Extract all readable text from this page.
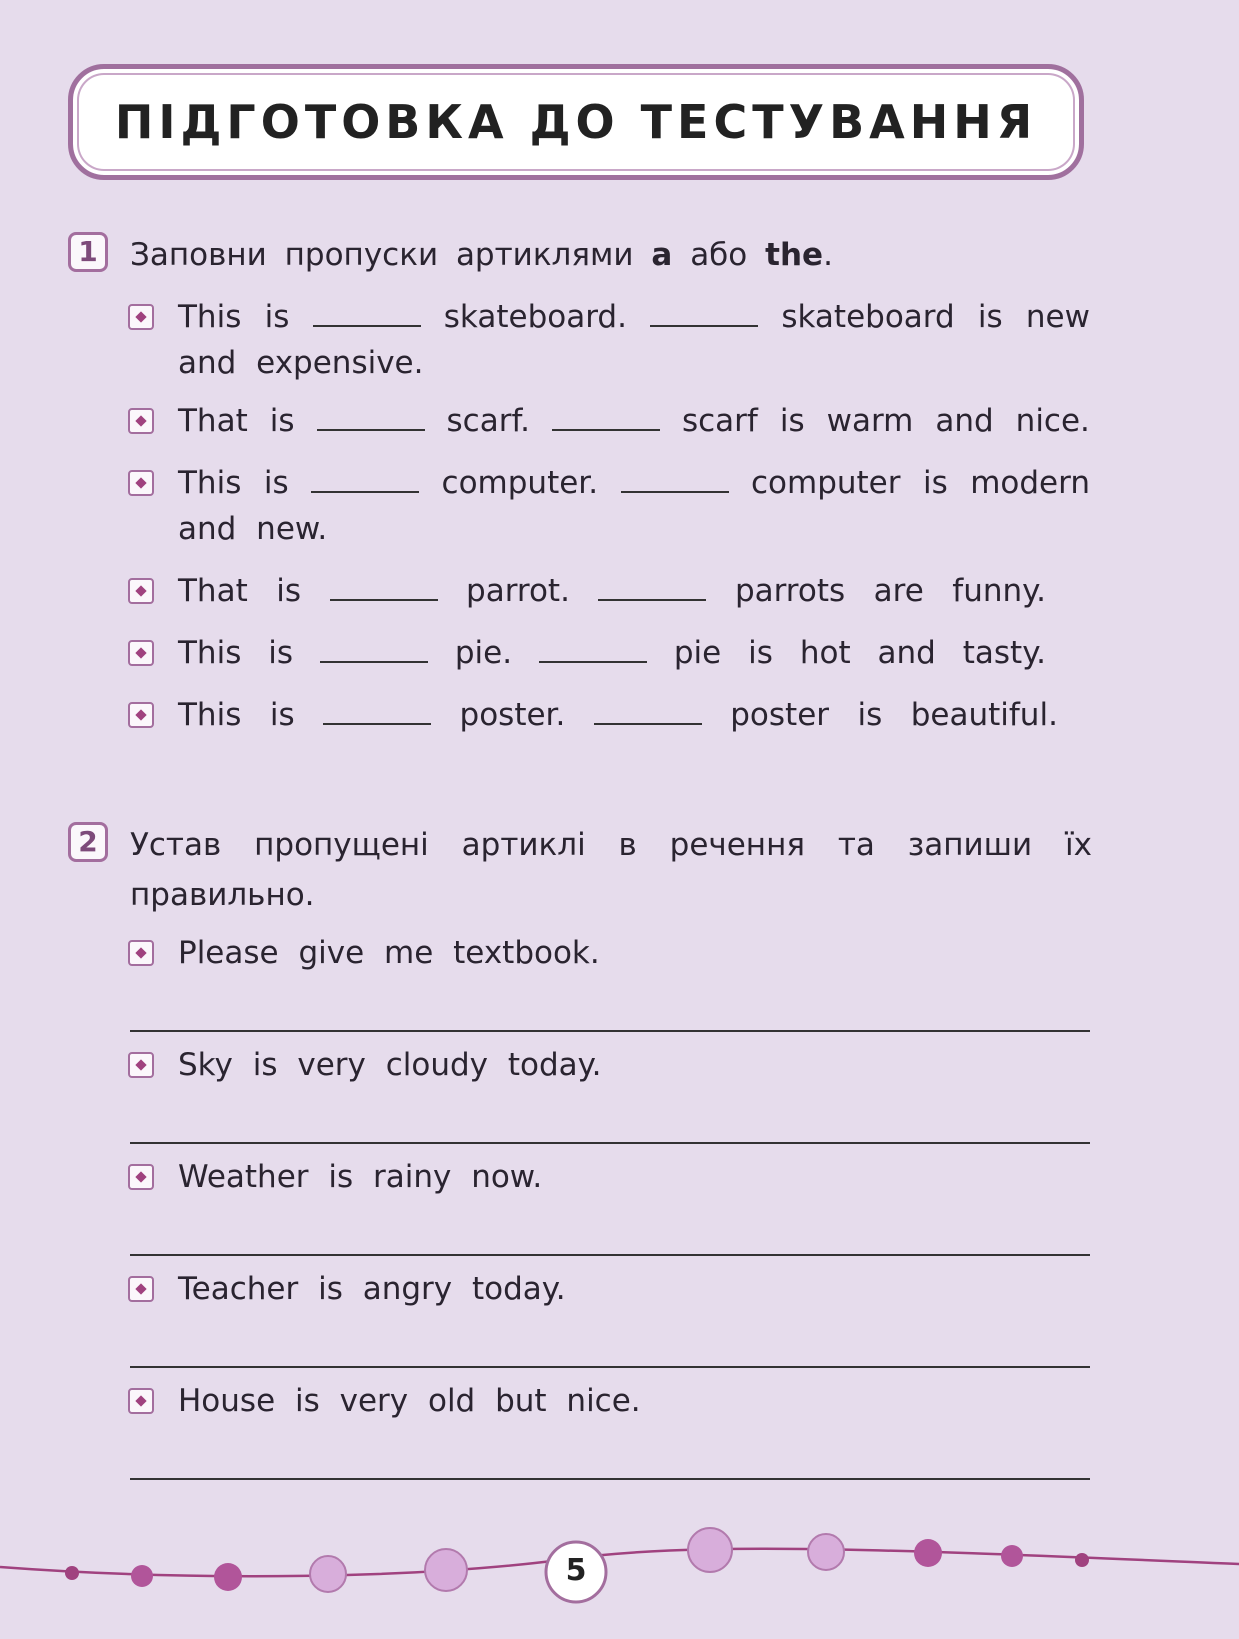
ПІДГОТОВКА ДО ТЕСТУВАННЯ
1	Заповни пропуски артиклями a або the.
This is	skateboard.	skateboard is new
and expensive.
That is	scarf.	scarf is warm and nice.
This is	computer.	computer is modern
and new.
That is	parrot.	parrots are funny.
This is	pie.	pie is hot and tasty.
This is	poster.	poster is beautiful.
2	Устав пропущені артиклі в речення та запиши їх
правильно.
Please give me textbook.
Sky is very cloudy today.
Weather is rainy now.
Teacher is angry today.
House is very old but nice.
5
